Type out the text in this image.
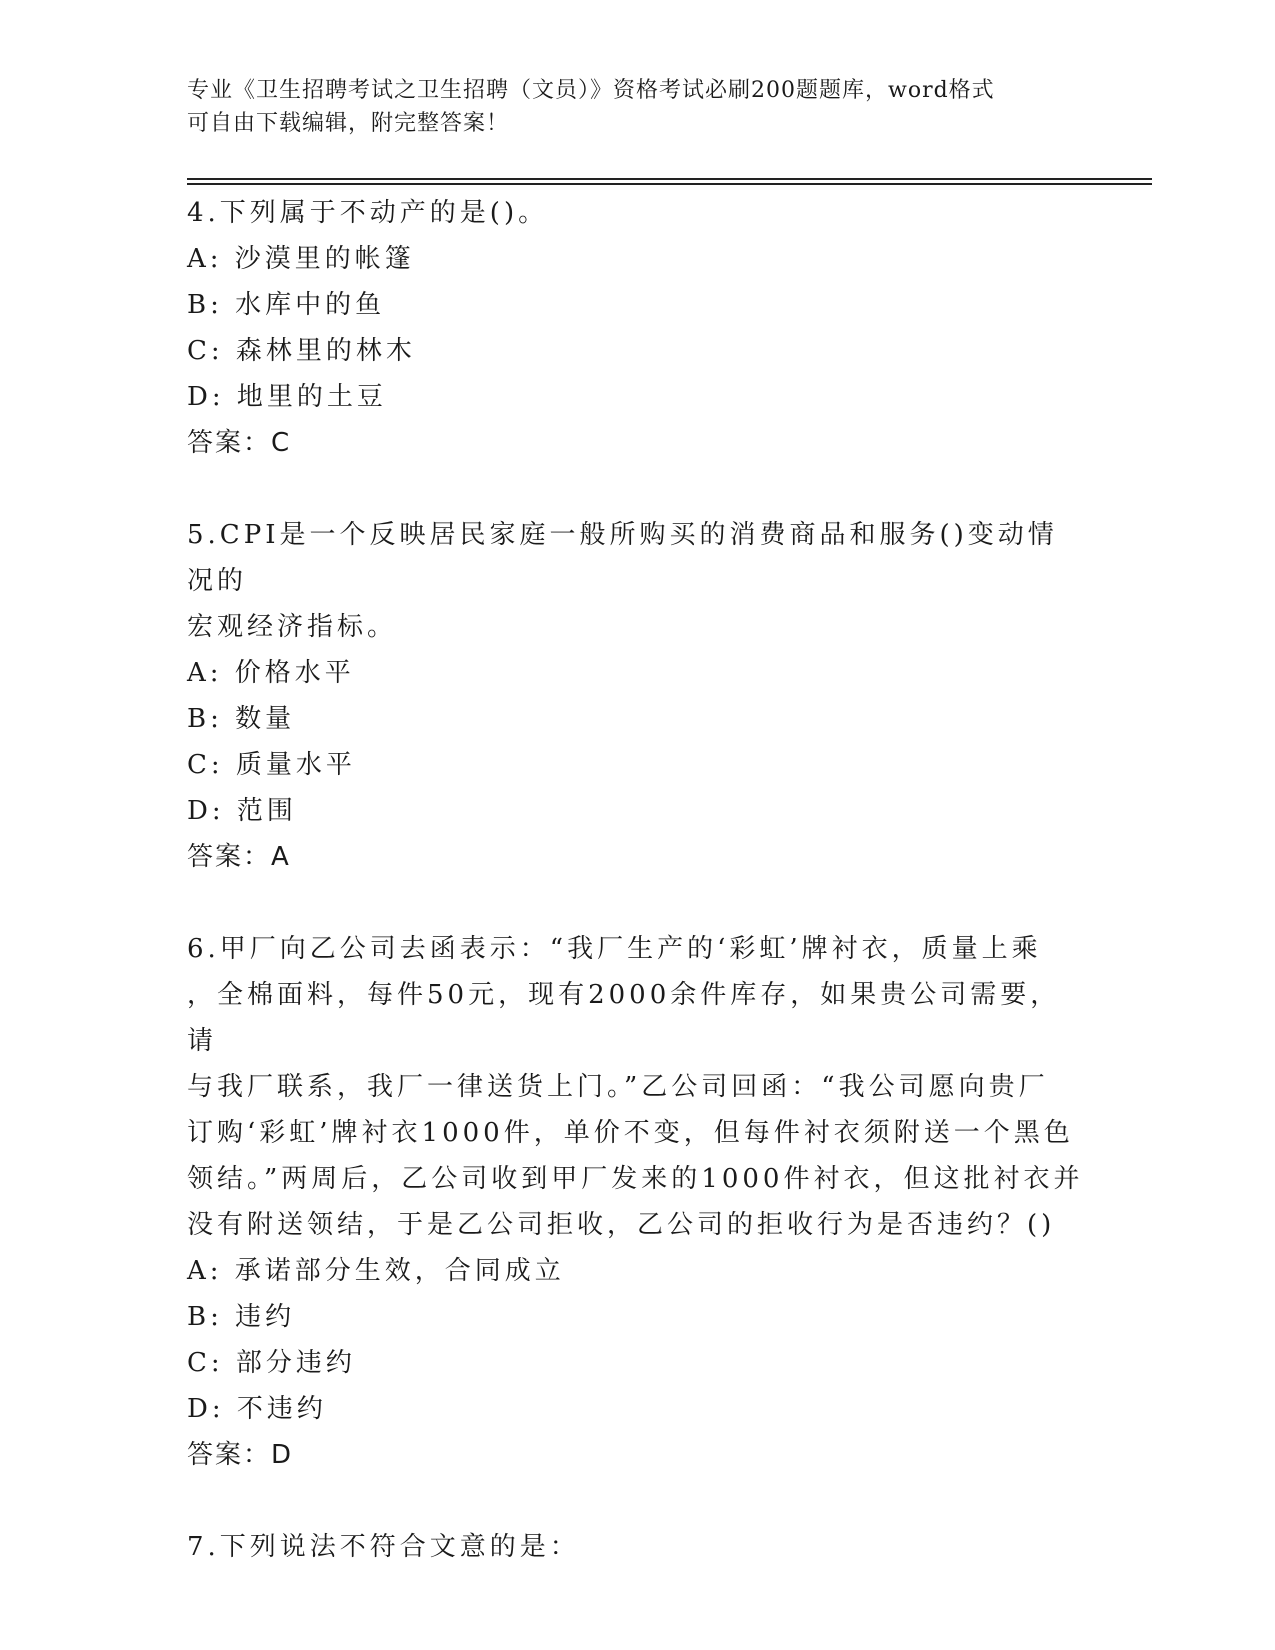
专业《卫生招聘考试之卫生招聘（文员）》资格考试必刷200题题库，word格式
可自由下载编辑，附完整答案！

4.下列属于不动产的是()。

A: 沙漠里的帐篷

B: 水库中的鱼

C: 森林里的林木

D: 地里的土豆

答案：C

5.CPI是一个反映居民家庭一般所购买的消费商品和服务()变动情况的

宏观经济指标。

A: 价格水平

B: 数量

C: 质量水平

D: 范围

答案：A

6.甲厂向乙公司去函表示：“我厂生产的‘彩虹’牌衬衣，质量上乘

，全棉面料，每件50元，现有2000余件库存，如果贵公司需要，请

与我厂联系，我厂一律送货上门。”乙公司回函：“我公司愿向贵厂

订购‘彩虹’牌衬衣1000件，单价不变，但每件衬衣须附送一个黑色

领结。”两周后，乙公司收到甲厂发来的1000件衬衣，但这批衬衣并

没有附送领结，于是乙公司拒收，乙公司的拒收行为是否违约？()

A: 承诺部分生效，合同成立

B: 违约

C: 部分违约

D: 不违约

答案：D

7.下列说法不符合文意的是：
